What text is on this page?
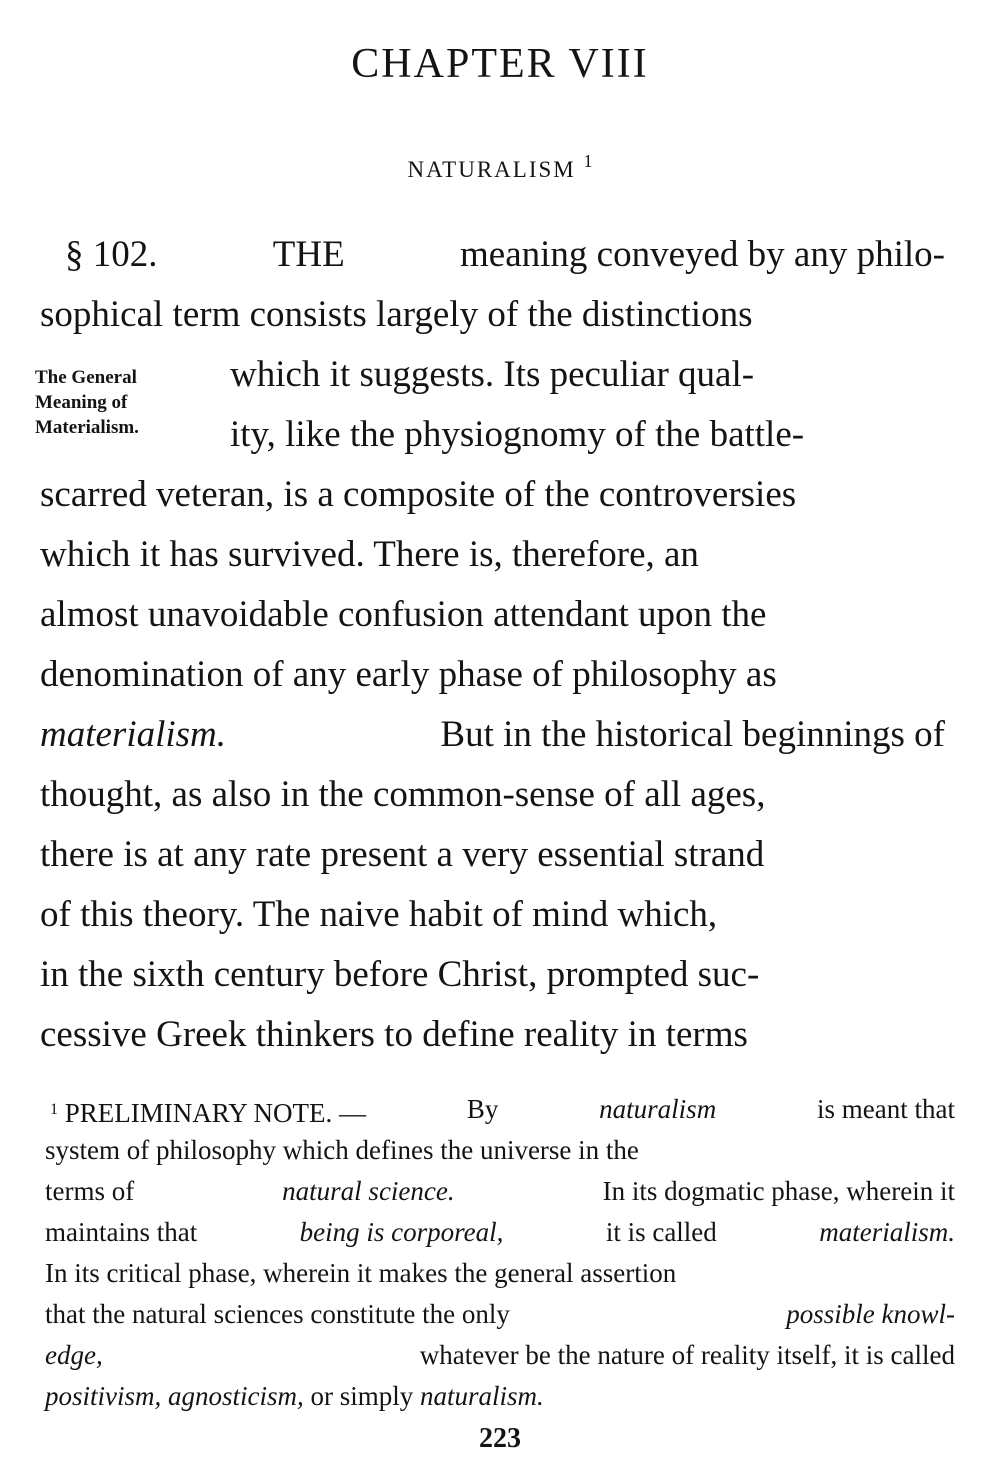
CHAPTER VIII
NATURALISM $^1$
The General
Meaning of
Materialism.
§ 102.	THE	meaning conveyed by any philo-
sophical term consists largely of the distinctions
which it suggests. Its peculiar qual-
ity, like the physiognomy of the battle-
scarred veteran, is a composite of the controversies
which it has survived. There is, therefore, an
almost unavoidable confusion attendant upon the
denomination of any early phase of philosophy as
materialism.	But in the historical beginnings of
thought, as also in the common-sense of all ages,
there is at any rate present a very essential strand
of this theory. The naive habit of mind which,
in the sixth century before Christ, prompted suc-
cessive Greek thinkers to define reality in terms
$^1$ PRELIMINARY NOTE. —	By	naturalism	is meant that
system of philosophy which defines the universe in the
terms of	natural science.	In its dogmatic phase, wherein it
maintains that	being is corporeal,	it is called	materialism.
In its critical phase, wherein it makes the general assertion
that the natural sciences constitute the only	possible knowl-
edge,	whatever be the nature of reality itself, it is called
positivism, agnosticism,
or simply
naturalism.
223
